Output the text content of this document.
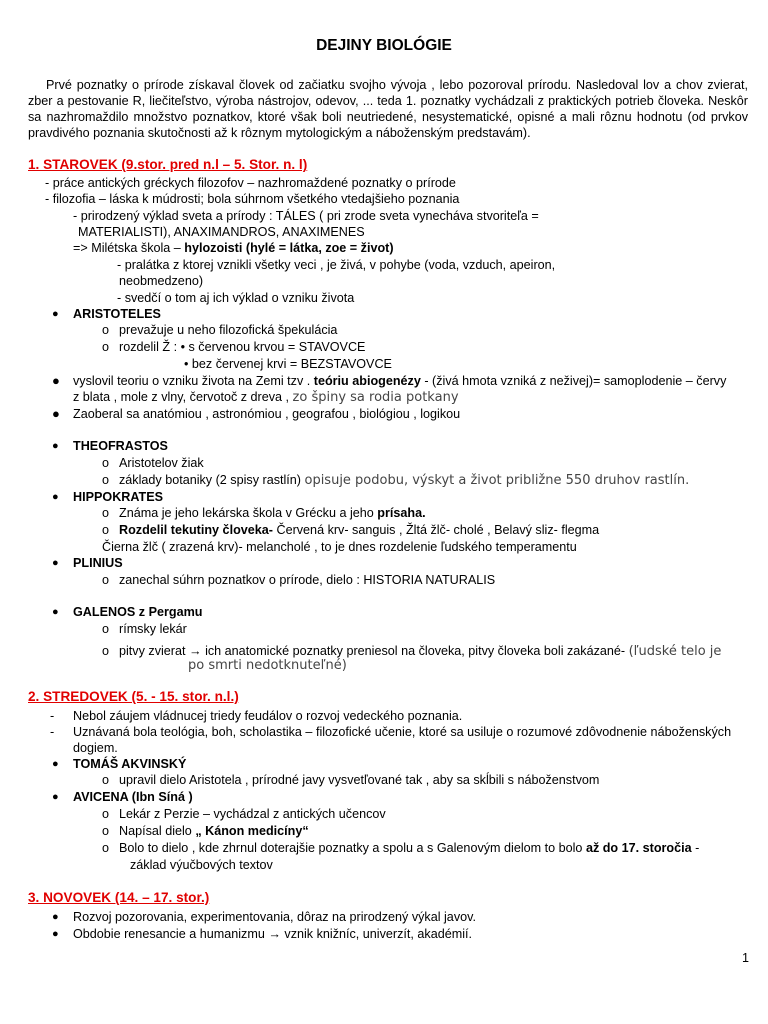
DEJINY BIOLÓGIE
Prvé poznatky o prírode získaval človek od začiatku svojho vývoja , lebo pozoroval prírodu. Nasledoval lov a chov zvierat, zber a pestovanie R, liečiteľstvo, výroba nástrojov, odevov, ... teda 1. poznatky vychádzali z praktických potrieb človeka. Neskôr sa nazhromaždilo množstvo poznatkov, ktoré však boli neutriedené, nesystematické, opisné a mali rôznu hodnotu (od prvkov pravdivého poznania skutočnosti až k rôznym mytologickým a náboženským predstavám).
1. STAROVEK (9.stor. pred n.l – 5. Stor. n. l)
- práce antických gréckych filozofov – nazhromaždené poznatky o prírode
- filozofia – láska k múdrosti; bola súhrnom všetkého vtedajšieho poznania
- prirodzený výklad sveta a prírody : TÁLES ( pri zrode sveta vynecháva stvoriteľa =
MATERIALISTI), ANAXIMANDROS, ANAXIMENES
=> Milétska škola – hylozoisti (hylé = látka, zoe = život)
- pralátka z ktorej vznikli všetky veci , je živá, v pohybe (voda, vzduch, apeiron,
neobmedzeno)
- svedčí o tom aj ich výklad o vzniku života
● ARISTOTELES
o prevažuje u neho filozofická špekulácia
o rozdelil Ž : • s červenou krvou = STAVOVCE
• bez červenej krvi = BEZSTAVOVCE
● vyslovil teoriu o vzniku života na Zemi tzv . teóriu abiogenézy - (živá hmota vzniká z neživej)= samoplodenie – červy
z blata , mole z vlny, červotoč z dreva , zo špiny sa rodia potkany
● Zaoberal sa anatómiou , astronómiou , geografou , biológiou , logikou
● THEOFRASTOS
o Aristotelov žiak
o základy botaniky (2 spisy rastlín) opisuje podobu, výskyt a život približne 550 druhov rastlín.
● HIPPOKRATES
o Známa je jeho lekárska škola v Grécku a jeho prísaha.
o Rozdelil tekutiny človeka- Červená krv- sanguis , Žltá žlč- cholé , Belavý sliz- flegma
Čierna žlč ( zrazená krv)- melancholé , to je dnes rozdelenie ľudského temperamentu
● PLINIUS
o zanechal súhrn poznatkov o prírode, dielo : HISTORIA NATURALIS
● GALENOS z Pergamu
o rímsky lekár
o pitvy zvierat → ich anatomické poznatky preniesol na človeka, pitvy človeka boli zakázané- (ľudské telo je
po smrti nedotknuteľné)
2. STREDOVEK (5. - 15. stor. n.l.)
- Nebol záujem vládnucej triedy feudálov o rozvoj vedeckého poznania.
- Uznávaná bola teológia, boh, scholastika – filozofické učenie, ktoré sa usiluje o rozumové zdôvodnenie náboženských
dogiem.
● TOMÁŠ AKVINSKÝ
o upravil dielo Aristotela , prírodné javy vysvetľované tak , aby sa skĺbili s náboženstvom
● AVICENA (Ibn Síná )
o Lekár z Perzie – vychádzal z antických učencov
o Napísal dielo „ Kánon medicíny“
o Bolo to dielo , kde zhrnul doterajšie poznatky a spolu a s Galenovým dielom to bolo až do 17. storočia -
základ výučbových textov
3. NOVOVEK (14. – 17. stor.)
● Rozvoj pozorovania, experimentovania, dôraz na prirodzený výkal javov.
● Obdobie renesancie a humanizmu → vznik knižníc, univerzít, akadémií.
1
